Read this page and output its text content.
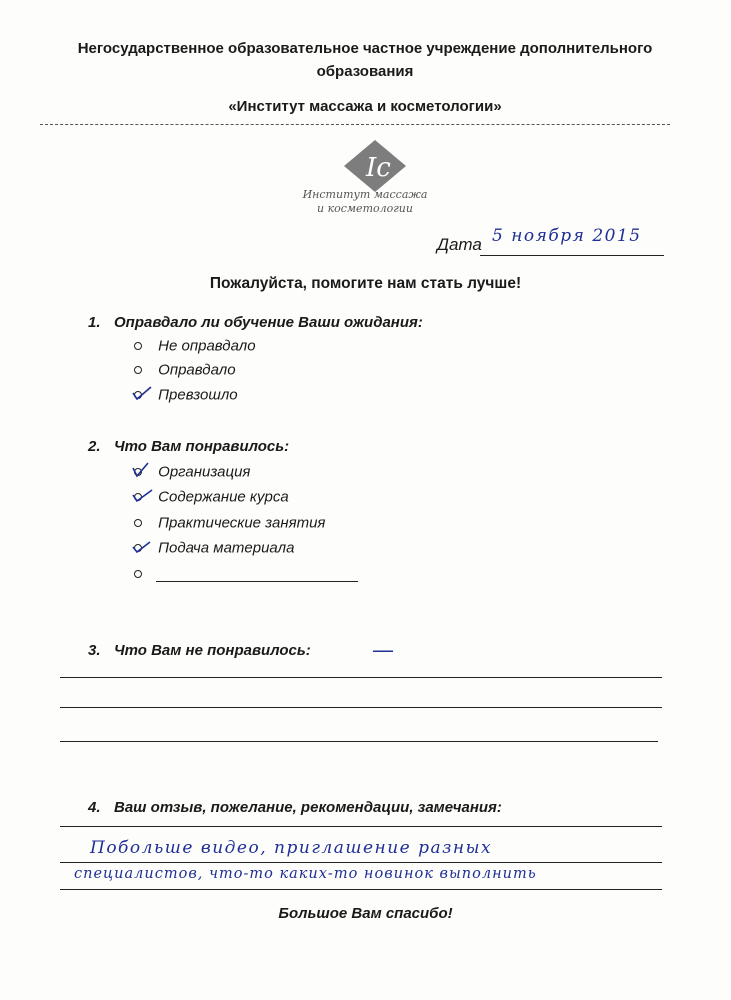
Негосударственное образовательное частное учреждение дополнительного
образования
«Институт массажа и косметологии»
Ic
Институт массажа
и косметологии
Дата 5 ноября 2015
Пожалуйста, помогите нам стать лучше!
1. Оправдало ли обучение Ваши ожидания:
Не оправдало
Оправдало
Превзошло
2. Что Вам понравилось:
Организация
Содержание курса
Практические занятия
Подача материала
3. Что Вам не понравилось:	—
4. Ваш отзыв, пожелание, рекомендации, замечания:
Побольше видео, приглашение разных
специалистов, что-то каких-то новинок выполнить
Большое Вам спасибо!
